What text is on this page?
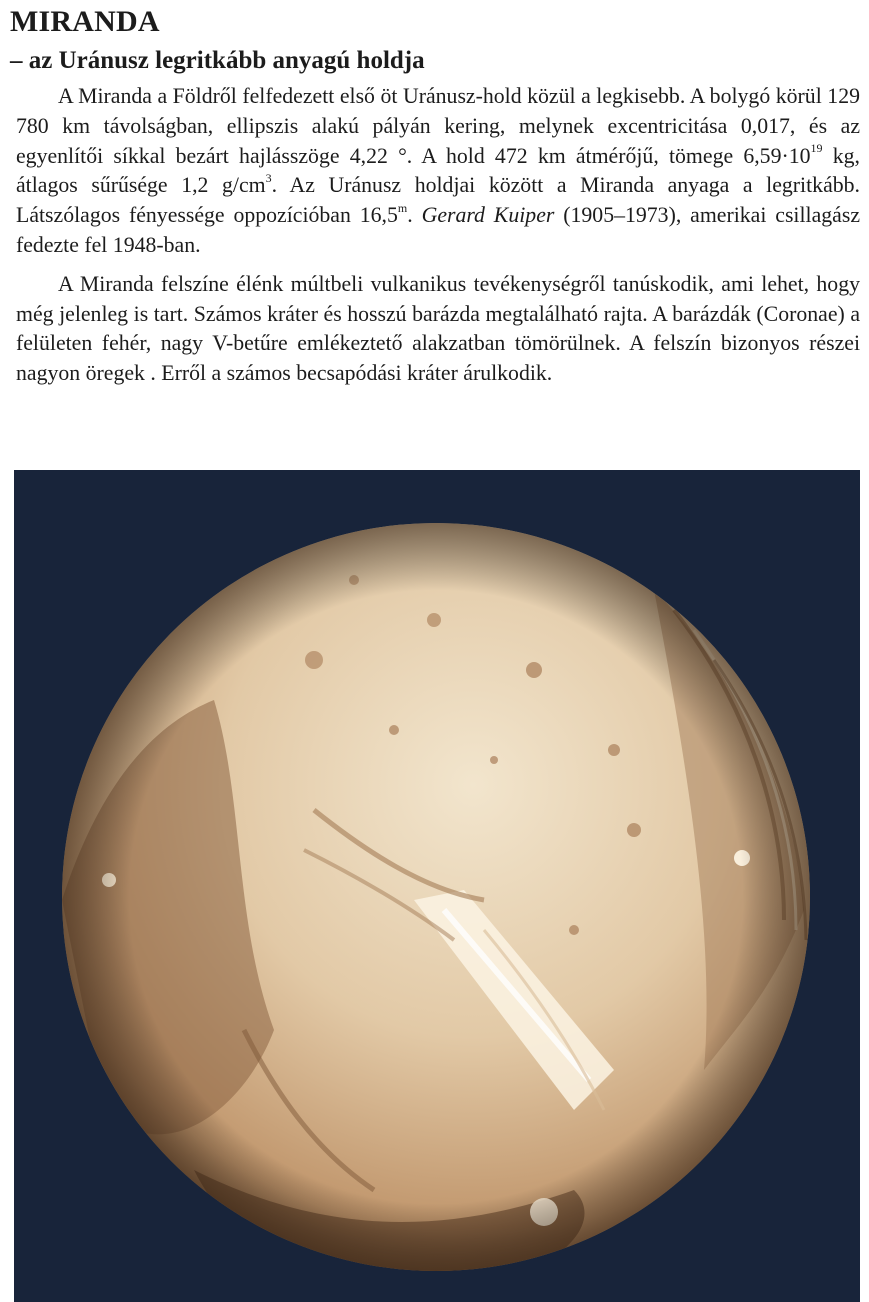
MIRANDA
– az Uránusz legritkább anyagú holdja

A Miranda a Földről felfedezett első öt Uránusz-hold közül a legkisebb. A bolygó körül 129 780 km távolságban, ellipszis alakú pályán kering, melynek excentricitása 0,017, és az egyenlítői síkkal bezárt hajlásszöge 4,22 °. A hold 472 km átmérőjű, tömege $6,59\cdot 10^{19}$ kg, átlagos sűrűsége 1,2 $g/cm^3$. Az Uránusz holdjai között a Miranda anyaga a legritkább. Látszólagos fényessége oppozícióban 16,5$^m$. Gerard Kuiper (1905–1973), amerikai csillagász fedezte fel 1948-ban.

A Miranda felszíne élénk múltbeli vulkanikus tevékenységről tanúskodik, ami lehet, hogy még jelenleg is tart. Számos kráter és hosszú barázda megtalálható rajta. A barázdák (Coronae) a felületen fehér, nagy V-betűre emlékeztető alakzatban tömörülnek. A felszín bizonyos részei nagyon öregek . Erről a számos becsapódási kráter árulkodik.
